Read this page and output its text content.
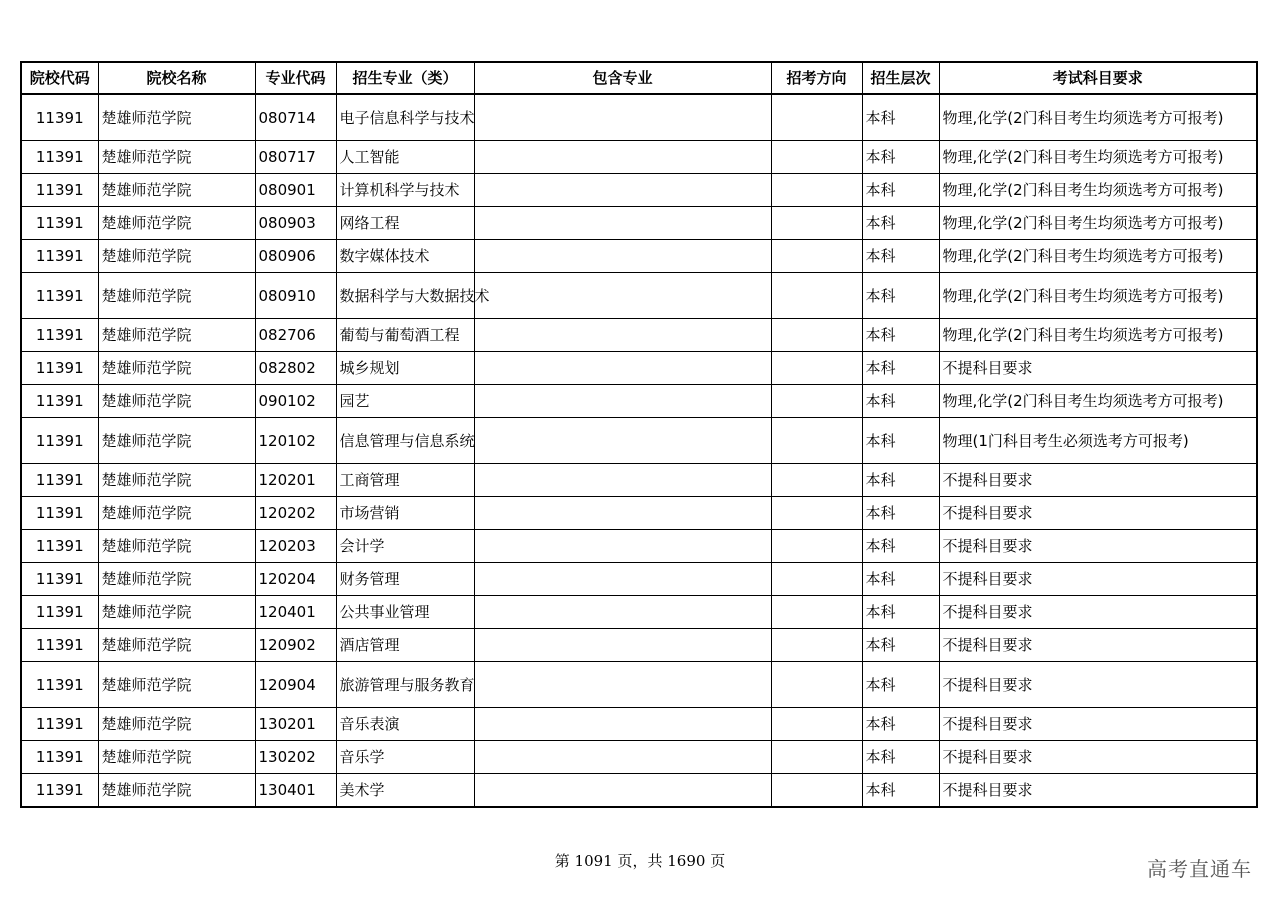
院校代码	院校名称	专业代码	招生专业（类）	包含专业	招考方向	招生层次	考试科目要求
11391	楚雄师范学院	080714	电子信息科学与技术			本科	物理,化学(2门科目考生均须选考方可报考)
11391	楚雄师范学院	080717	人工智能			本科	物理,化学(2门科目考生均须选考方可报考)
11391	楚雄师范学院	080901	计算机科学与技术			本科	物理,化学(2门科目考生均须选考方可报考)
11391	楚雄师范学院	080903	网络工程			本科	物理,化学(2门科目考生均须选考方可报考)
11391	楚雄师范学院	080906	数字媒体技术			本科	物理,化学(2门科目考生均须选考方可报考)
11391	楚雄师范学院	080910	数据科学与大数据技术			本科	物理,化学(2门科目考生均须选考方可报考)
11391	楚雄师范学院	082706	葡萄与葡萄酒工程			本科	物理,化学(2门科目考生均须选考方可报考)
11391	楚雄师范学院	082802	城乡规划			本科	不提科目要求
11391	楚雄师范学院	090102	园艺			本科	物理,化学(2门科目考生均须选考方可报考)
11391	楚雄师范学院	120102	信息管理与信息系统			本科	物理(1门科目考生必须选考方可报考)
11391	楚雄师范学院	120201	工商管理			本科	不提科目要求
11391	楚雄师范学院	120202	市场营销			本科	不提科目要求
11391	楚雄师范学院	120203	会计学			本科	不提科目要求
11391	楚雄师范学院	120204	财务管理			本科	不提科目要求
11391	楚雄师范学院	120401	公共事业管理			本科	不提科目要求
11391	楚雄师范学院	120902	酒店管理			本科	不提科目要求
11391	楚雄师范学院	120904	旅游管理与服务教育			本科	不提科目要求
11391	楚雄师范学院	130201	音乐表演			本科	不提科目要求
11391	楚雄师范学院	130202	音乐学			本科	不提科目要求
11391	楚雄师范学院	130401	美术学			本科	不提科目要求
第 1091 页，共 1690 页	高考直通车
